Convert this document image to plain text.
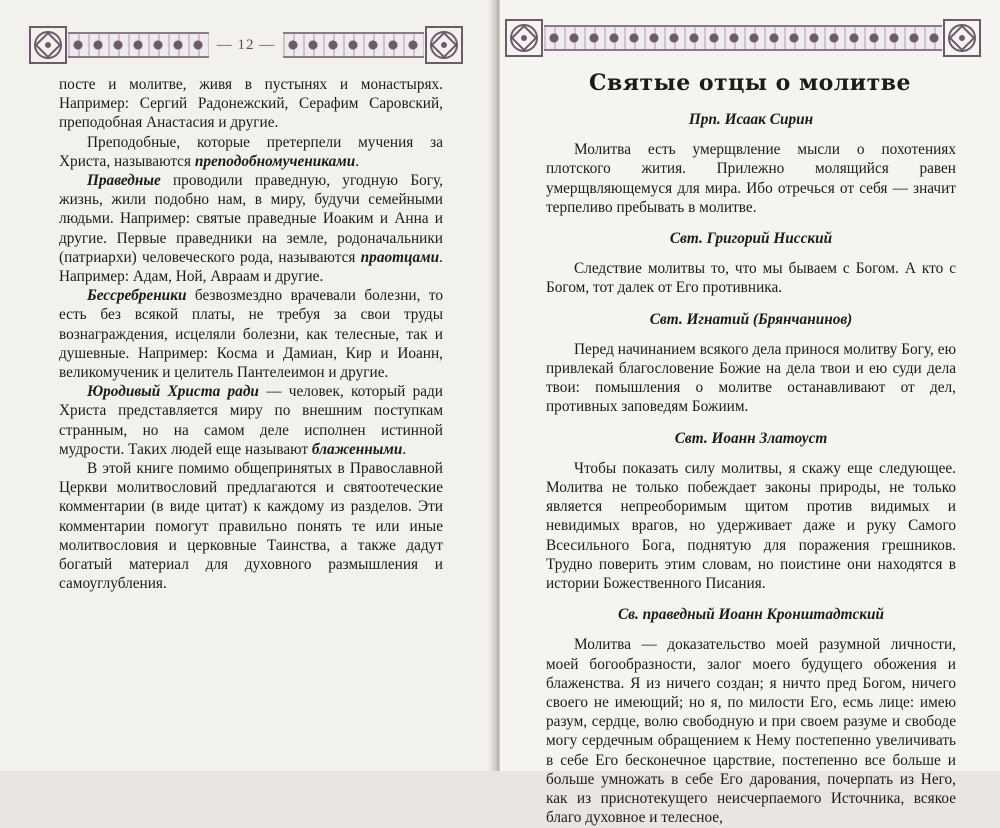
— 12 —

посте и молитве, живя в пустынях и монастырях. Например: Сергий Радонежский, Серафим Саровский, преподобная Анастасия и другие.

Преподобные, которые претерпели мучения за Христа, называются преподобномучениками.

Праведные проводили праведную, угодную Богу, жизнь, жили подобно нам, в миру, будучи семейными людьми. Например: святые праведные Иоаким и Анна и другие. Первые праведники на земле, родоначальники (патриархи) человеческого рода, называются праотцами. Например: Адам, Ной, Авраам и другие.

Бессребреники безвозмездно врачевали болезни, то есть без всякой платы, не требуя за свои труды вознаграждения, исцеляли болезни, как телесные, так и душевные. Например: Косма и Дамиан, Кир и Иоанн, великомученик и целитель Пантелеимон и другие.

Юродивый Христа ради — человек, который ради Христа представляется миру по внешним поступкам странным, но на самом деле исполнен истинной мудрости. Таких людей еще называют блаженными.

В этой книге помимо общепринятых в Православной Церкви молитвословий предлагаются и святоотеческие комментарии (в виде цитат) к каждому из разделов. Эти комментарии помогут правильно понять те или иные молитвословия и церковные Таинства, а также дадут богатый материал для духовного размышления и самоуглубления.

Святые отцы о молитве

Прп. Исаак Сирин

Молитва есть умерщвление мысли о похотениях плотского жития. Прилежно молящийся равен умерщвляющемуся для мира. Ибо отречься от себя — значит терпеливо пребывать в молитве.

Свт. Григорий Нисский

Следствие молитвы то, что мы бываем с Богом. А кто с Богом, тот далек от Его противника.

Свт. Игнатий (Брянчанинов)

Перед начинанием всякого дела принося молитву Богу, ею привлекай благословение Божие на дела твои и ею суди дела твои: помышления о молитве останавливают от дел, противных заповедям Божиим.

Свт. Иоанн Златоуст

Чтобы показать силу молитвы, я скажу еще следующее. Молитва не только побеждает законы природы, не только является непреоборимым щитом против видимых и невидимых врагов, но удерживает даже и руку Самого Всесильного Бога, поднятую для поражения грешников. Трудно поверить этим словам, но поистине они находятся в истории Божественного Писания.

Св. праведный Иоанн Кронштадтский

Молитва — доказательство моей разумной личности, моей богообразности, залог моего будущего обожения и блаженства. Я из ничего создан; я ничто пред Богом, ничего своего не имеющий; но я, по милости Его, есмь лице: имею разум, сердце, волю свободную и при своем разуме и свободе могу сердечным обращением к Нему постепенно увеличивать в себе Его бесконечное царствие, постепенно все больше и больше умножать в себе Его дарования, почерпать из Него, как из приснотекущего неисчерпаемого Источника, всякое благо духовное и телесное,
